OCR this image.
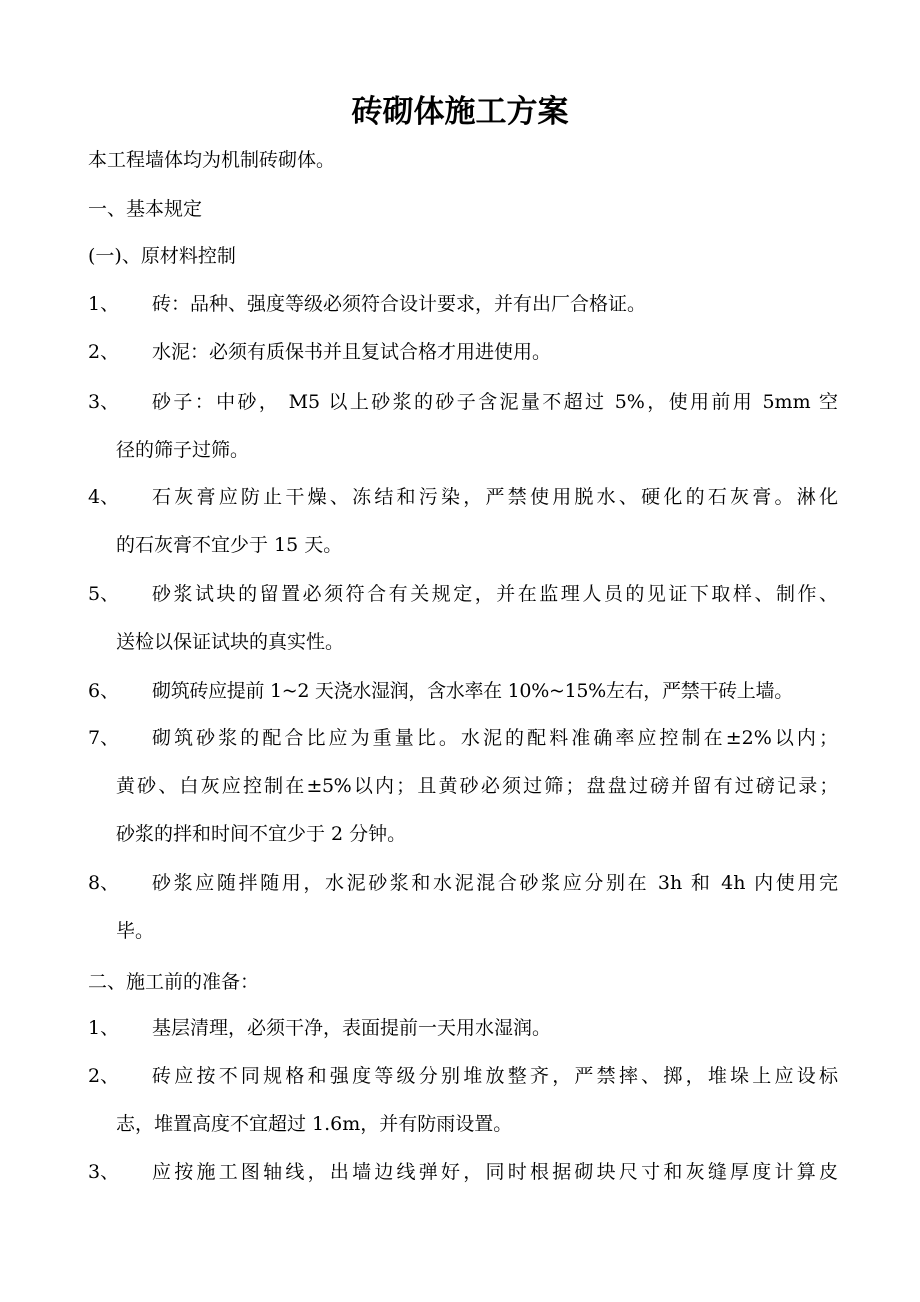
砖砌体施工方案
本工程墙体均为机制砖砌体。
一、基本规定
(一)、原材料控制
1、	砖：品种、强度等级必须符合设计要求，并有出厂合格证。
2、	水泥：必须有质保书并且复试合格才用进使用。
3、	砂子：中砂， M5 以上砂浆的砂子含泥量不超过 5%，使用前用 5mm 空
径的筛子过筛。
4、	石灰膏应防止干燥、冻结和污染，严禁使用脱水、硬化的石灰膏。淋化
的石灰膏不宜少于 15 天。
5、	砂浆试块的留置必须符合有关规定，并在监理人员的见证下取样、制作、
送检以保证试块的真实性。
6、	砌筑砖应提前 1~2 天浇水湿润，含水率在 10%~15%左右，严禁干砖上墙。
7、	砌筑砂浆的配合比应为重量比。水泥的配料准确率应控制在±2%以内；
黄砂、白灰应控制在±5%以内；且黄砂必须过筛；盘盘过磅并留有过磅记录；
砂浆的拌和时间不宜少于 2 分钟。
8、	砂浆应随拌随用，水泥砂浆和水泥混合砂浆应分别在 3h 和 4h 内使用完
毕。
二、施工前的准备：
1、	基层清理，必须干净，表面提前一天用水湿润。
2、	砖应按不同规格和强度等级分别堆放整齐，严禁摔、掷，堆垛上应设标
志，堆置高度不宜超过 1.6m，并有防雨设置。
3、	应按施工图轴线，出墙边线弹好，同时根据砌块尺寸和灰缝厚度计算皮
